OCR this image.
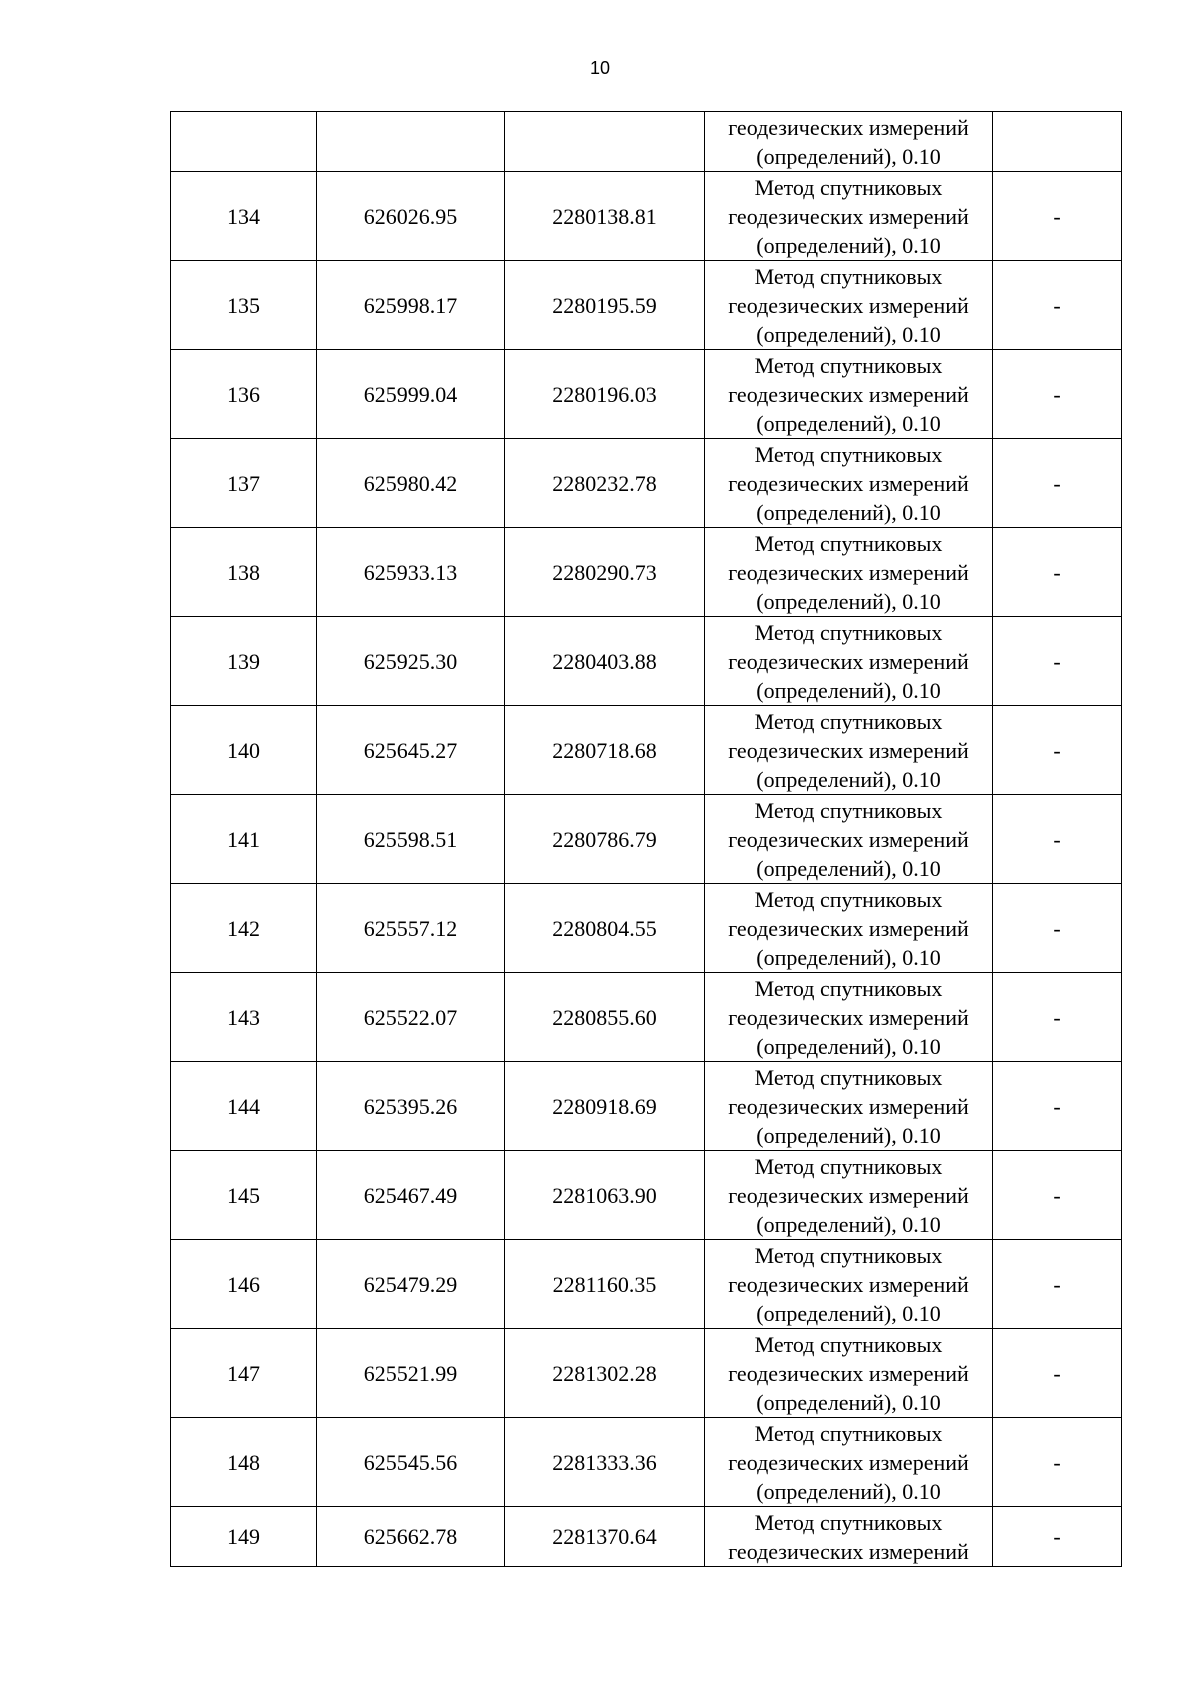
10

			геодезических измерений
(определений), 0.10	

134	626026.95	2280138.81	Метод спутниковых
геодезических измерений
(определений), 0.10	-
135	625998.17	2280195.59	Метод спутниковых
геодезических измерений
(определений), 0.10	-
136	625999.04	2280196.03	Метод спутниковых
геодезических измерений
(определений), 0.10	-
137	625980.42	2280232.78	Метод спутниковых
геодезических измерений
(определений), 0.10	-
138	625933.13	2280290.73	Метод спутниковых
геодезических измерений
(определений), 0.10	-
139	625925.30	2280403.88	Метод спутниковых
геодезических измерений
(определений), 0.10	-
140	625645.27	2280718.68	Метод спутниковых
геодезических измерений
(определений), 0.10	-
141	625598.51	2280786.79	Метод спутниковых
геодезических измерений
(определений), 0.10	-
142	625557.12	2280804.55	Метод спутниковых
геодезических измерений
(определений), 0.10	-
143	625522.07	2280855.60	Метод спутниковых
геодезических измерений
(определений), 0.10	-
144	625395.26	2280918.69	Метод спутниковых
геодезических измерений
(определений), 0.10	-
145	625467.49	2281063.90	Метод спутниковых
геодезических измерений
(определений), 0.10	-
146	625479.29	2281160.35	Метод спутниковых
геодезических измерений
(определений), 0.10	-
147	625521.99	2281302.28	Метод спутниковых
геодезических измерений
(определений), 0.10	-
148	625545.56	2281333.36	Метод спутниковых
геодезических измерений
(определений), 0.10	-
149	625662.78	2281370.64	Метод спутниковых
геодезических измерений	-
